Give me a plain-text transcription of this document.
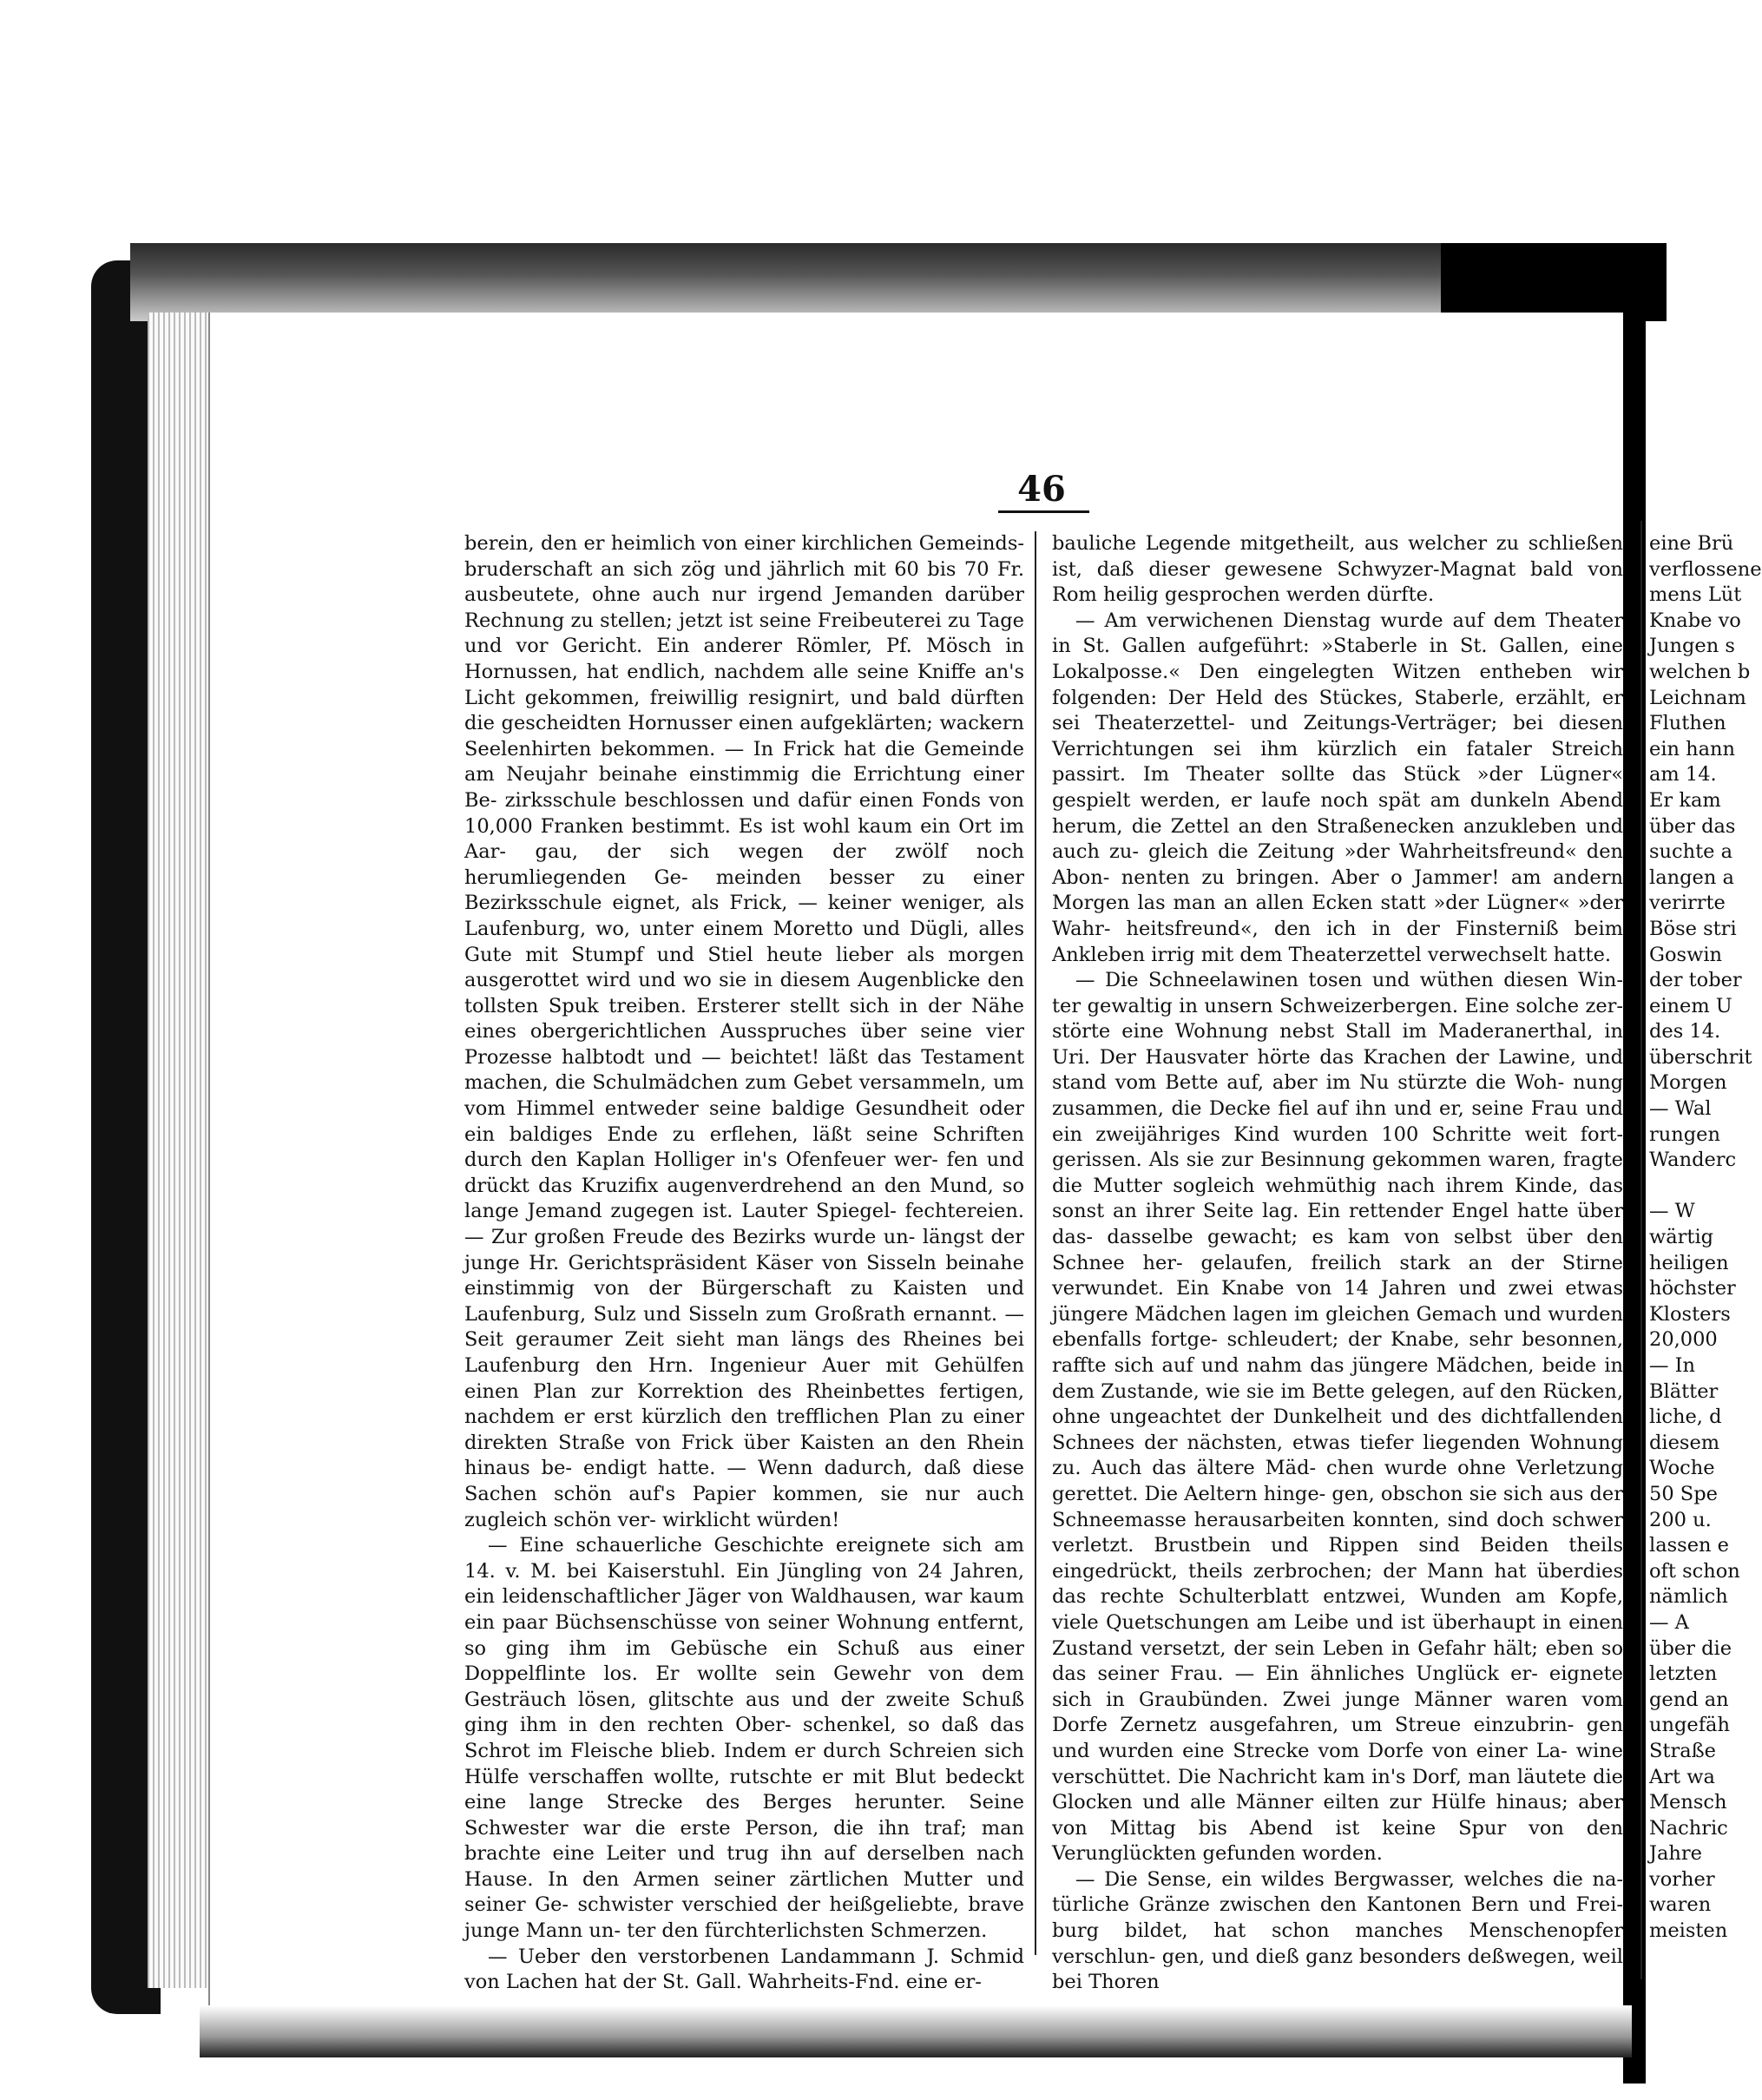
46

berein, den er heimlich von einer kirchlichen Gemeinds- bruderschaft an sich zög und jährlich mit 60 bis 70 Fr. ausbeutete, ohne auch nur irgend Jemanden darüber Rechnung zu stellen; jetzt ist seine Freibeuterei zu Tage und vor Gericht. Ein anderer Römler, Pf. Mösch in Hornussen, hat endlich, nachdem alle seine Kniffe an's Licht gekommen, freiwillig resignirt, und bald dürften die gescheidten Hornusser einen aufgeklärten; wackern Seelenhirten bekommen. — In Frick hat die Gemeinde am Neujahr beinahe einstimmig die Errichtung einer Be- zirksschule beschlossen und dafür einen Fonds von 10,000 Franken bestimmt. Es ist wohl kaum ein Ort im Aar- gau, der sich wegen der zwölf noch herumliegenden Ge- meinden besser zu einer Bezirksschule eignet, als Frick, — keiner weniger, als Laufenburg, wo, unter einem Moretto und Dügli, alles Gute mit Stumpf und Stiel heute lieber als morgen ausgerottet wird und wo sie in diesem Augenblicke den tollsten Spuk treiben. Ersterer stellt sich in der Nähe eines obergerichtlichen Ausspruches über seine vier Prozesse halbtodt und — beichtet! läßt das Testament machen, die Schulmädchen zum Gebet versammeln, um vom Himmel entweder seine baldige Gesundheit oder ein baldiges Ende zu erflehen, läßt seine Schriften durch den Kaplan Holliger in's Ofenfeuer wer- fen und drückt das Kruzifix augenverdrehend an den Mund, so lange Jemand zugegen ist. Lauter Spiegel- fechtereien. — Zur großen Freude des Bezirks wurde un- längst der junge Hr. Gerichtspräsident Käser von Sisseln beinahe einstimmig von der Bürgerschaft zu Kaisten und Laufenburg, Sulz und Sisseln zum Großrath ernannt. — Seit geraumer Zeit sieht man längs des Rheines bei Laufenburg den Hrn. Ingenieur Auer mit Gehülfen einen Plan zur Korrektion des Rheinbettes fertigen, nachdem er erst kürzlich den trefflichen Plan zu einer direkten Straße von Frick über Kaisten an den Rhein hinaus be- endigt hatte. — Wenn dadurch, daß diese Sachen schön auf's Papier kommen, sie nur auch zugleich schön ver- wirklicht würden!

— Eine schauerliche Geschichte ereignete sich am 14. v. M. bei Kaiserstuhl. Ein Jüngling von 24 Jahren, ein leidenschaftlicher Jäger von Waldhausen, war kaum ein paar Büchsenschüsse von seiner Wohnung entfernt, so ging ihm im Gebüsche ein Schuß aus einer Doppelflinte los. Er wollte sein Gewehr von dem Gesträuch lösen, glitschte aus und der zweite Schuß ging ihm in den rechten Ober- schenkel, so daß das Schrot im Fleische blieb. Indem er durch Schreien sich Hülfe verschaffen wollte, rutschte er mit Blut bedeckt eine lange Strecke des Berges herunter. Seine Schwester war die erste Person, die ihn traf; man brachte eine Leiter und trug ihn auf derselben nach Hause. In den Armen seiner zärtlichen Mutter und seiner Ge- schwister verschied der heißgeliebte, brave junge Mann un- ter den fürchterlichsten Schmerzen.

— Ueber den verstorbenen Landammann J. Schmid von Lachen hat der St. Gall. Wahrheits-Fnd. eine er-

bauliche Legende mitgetheilt, aus welcher zu schließen ist, daß dieser gewesene Schwyzer-Magnat bald von Rom heilig gesprochen werden dürfte.

— Am verwichenen Dienstag wurde auf dem Theater in St. Gallen aufgeführt: »Staberle in St. Gallen, eine Lokalposse.« Den eingelegten Witzen entheben wir folgenden: Der Held des Stückes, Staberle, erzählt, er sei Theaterzettel- und Zeitungs-Verträger; bei diesen Verrichtungen sei ihm kürzlich ein fataler Streich passirt. Im Theater sollte das Stück »der Lügner« gespielt werden, er laufe noch spät am dunkeln Abend herum, die Zettel an den Straßenecken anzukleben und auch zu- gleich die Zeitung »der Wahrheitsfreund« den Abon- nenten zu bringen. Aber o Jammer! am andern Morgen las man an allen Ecken statt »der Lügner« »der Wahr- heitsfreund«, den ich in der Finsterniß beim Ankleben irrig mit dem Theaterzettel verwechselt hatte.

— Die Schneelawinen tosen und wüthen diesen Win- ter gewaltig in unsern Schweizerbergen. Eine solche zer- störte eine Wohnung nebst Stall im Maderanerthal, in Uri. Der Hausvater hörte das Krachen der Lawine, und stand vom Bette auf, aber im Nu stürzte die Woh- nung zusammen, die Decke fiel auf ihn und er, seine Frau und ein zweijähriges Kind wurden 100 Schritte weit fort- gerissen. Als sie zur Besinnung gekommen waren, fragte die Mutter sogleich wehmüthig nach ihrem Kinde, das sonst an ihrer Seite lag. Ein rettender Engel hatte über das- dasselbe gewacht; es kam von selbst über den Schnee her- gelaufen, freilich stark an der Stirne verwundet. Ein Knabe von 14 Jahren und zwei etwas jüngere Mädchen lagen im gleichen Gemach und wurden ebenfalls fortge- schleudert; der Knabe, sehr besonnen, raffte sich auf und nahm das jüngere Mädchen, beide in dem Zustande, wie sie im Bette gelegen, auf den Rücken, ohne ungeachtet der Dunkelheit und des dichtfallenden Schnees der nächsten, etwas tiefer liegenden Wohnung zu. Auch das ältere Mäd- chen wurde ohne Verletzung gerettet. Die Aeltern hinge- gen, obschon sie sich aus der Schneemasse herausarbeiten konnten, sind doch schwer verletzt. Brustbein und Rippen sind Beiden theils eingedrückt, theils zerbrochen; der Mann hat überdies das rechte Schulterblatt entzwei, Wunden am Kopfe, viele Quetschungen am Leibe und ist überhaupt in einen Zustand versetzt, der sein Leben in Gefahr hält; eben so das seiner Frau. — Ein ähnliches Unglück er- eignete sich in Graubünden. Zwei junge Männer waren vom Dorfe Zernetz ausgefahren, um Streue einzubrin- gen und wurden eine Strecke vom Dorfe von einer La- wine verschüttet. Die Nachricht kam in's Dorf, man läutete die Glocken und alle Männer eilten zur Hülfe hinaus; aber von Mittag bis Abend ist keine Spur von den Verunglückten gefunden worden.

— Die Sense, ein wildes Bergwasser, welches die na- türliche Gränze zwischen den Kantonen Bern und Frei- burg bildet, hat schon manches Menschenopfer verschlun- gen, und dieß ganz besonders deßwegen, weil bei Thoren

eine Brü

verflossene

mens Lüt

Knabe vo

Jungen s

welchen b

Leichnam

Fluthen

ein hann

am 14.

Er kam

über das

suchte a

langen a

verirrte

Böse stri

Goswin

der tober

einem U

des 14.

überschrit

Morgen

— Wal

rungen

Wanderc

— W

wärtig

heiligen

höchster

Klosters

20,000

— In

Blätter

liche, d

diesem

Woche

50 Spe

200 u.

lassen e

oft schon

nämlich

— A

über die

letzten

gend an

ungefäh

Straße

Art wa

Mensch

Nachric

Jahre

vorher

waren

meisten
